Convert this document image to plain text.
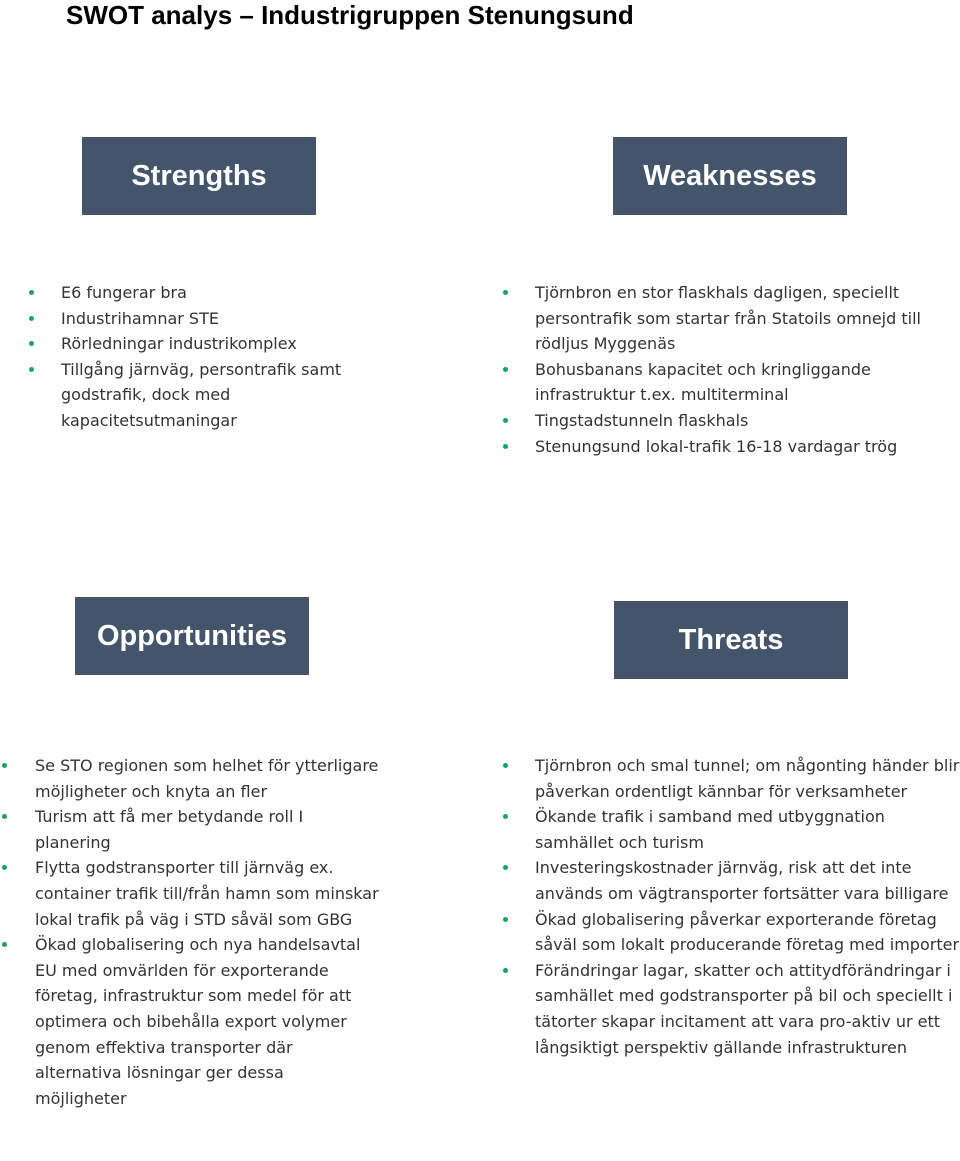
SWOT analys – Industrigruppen Stenungsund
Strengths	Weaknesses
Opportunities	Threats
E6 fungerar bra
Industrihamnar STE
Rörledningar industrikomplex
Tillgång järnväg, persontrafik samt godstrafik, dock med kapacitetsutmaningar
Tjörnbron en stor flaskhals dagligen, speciellt persontrafik som startar från Statoils omnejd till rödljus Myggenäs
Bohusbanans kapacitet och kringliggande infrastruktur t.ex. multiterminal
Tingstadstunneln flaskhals
Stenungsund lokal-trafik 16-18 vardagar trög
Se STO regionen som helhet för ytterligare möjligheter och knyta an fler
Turism att få mer betydande roll I planering
Flytta godstransporter till järnväg ex. container trafik till/från hamn som minskar lokal trafik på väg i STD såväl som GBG
Ökad globalisering och nya handelsavtal EU med omvärlden för exporterande företag, infrastruktur som medel för att optimera och bibehålla export volymer genom effektiva transporter där alternativa lösningar ger dessa möjligheter
Tjörnbron och smal tunnel; om någonting händer blir påverkan ordentligt kännbar för verksamheter
Ökande trafik i samband med utbyggnation samhället och turism
Investeringskostnader järnväg, risk att det inte används om vägtransporter fortsätter vara billigare
Ökad globalisering påverkar exporterande företag såväl som lokalt producerande företag med importer
Förändringar lagar, skatter och attitydförändringar i samhället med godstransporter på bil och speciellt i tätorter skapar incitament att vara pro-aktiv ur ett långsiktigt perspektiv gällande infrastrukturen
